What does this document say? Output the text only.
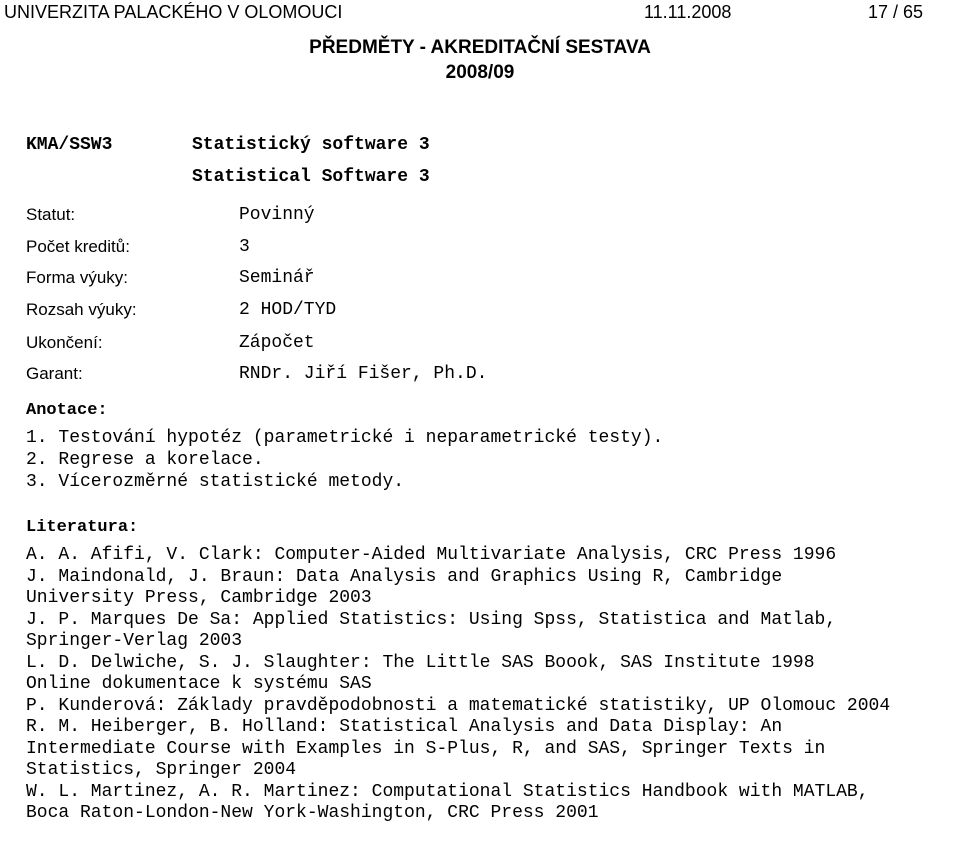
UNIVERZITA PALACKÉHO V OLOMOUCI	11.11.2008	17 / 65
PŘEDMĚTY - AKREDITAČNÍ SESTAVA
2008/09
KMA/SSW3	Statistický software 3
Statistical Software 3
Statut:	Povinný
Počet kreditů:	3
Forma výuky:	Seminář
Rozsah výuky:	2 HOD/TYD
Ukončení:	Zápočet
Garant:	RNDr. Jiří Fišer, Ph.D.
Anotace:
1. Testování hypotéz (parametrické i neparametrické testy).
2. Regrese a korelace.
3. Vícerozměrné statistické metody.
Literatura:
A. A. Afifi, V. Clark: Computer-Aided Multivariate Analysis, CRC Press 1996
J. Maindonald, J. Braun: Data Analysis and Graphics Using R, Cambridge
University Press, Cambridge 2003
J. P. Marques De Sa: Applied Statistics: Using Spss, Statistica and Matlab,
Springer-Verlag 2003
L. D. Delwiche, S. J. Slaughter: The Little SAS Boook, SAS Institute 1998
Online dokumentace k systému SAS
P. Kunderová: Základy pravděpodobnosti a matematické statistiky, UP Olomouc 2004
R. M. Heiberger, B. Holland: Statistical Analysis and Data Display: An
Intermediate Course with Examples in S-Plus, R, and SAS, Springer Texts in
Statistics, Springer 2004
W. L. Martinez, A. R. Martinez: Computational Statistics Handbook with MATLAB,
Boca Raton-London-New York-Washington, CRC Press 2001
